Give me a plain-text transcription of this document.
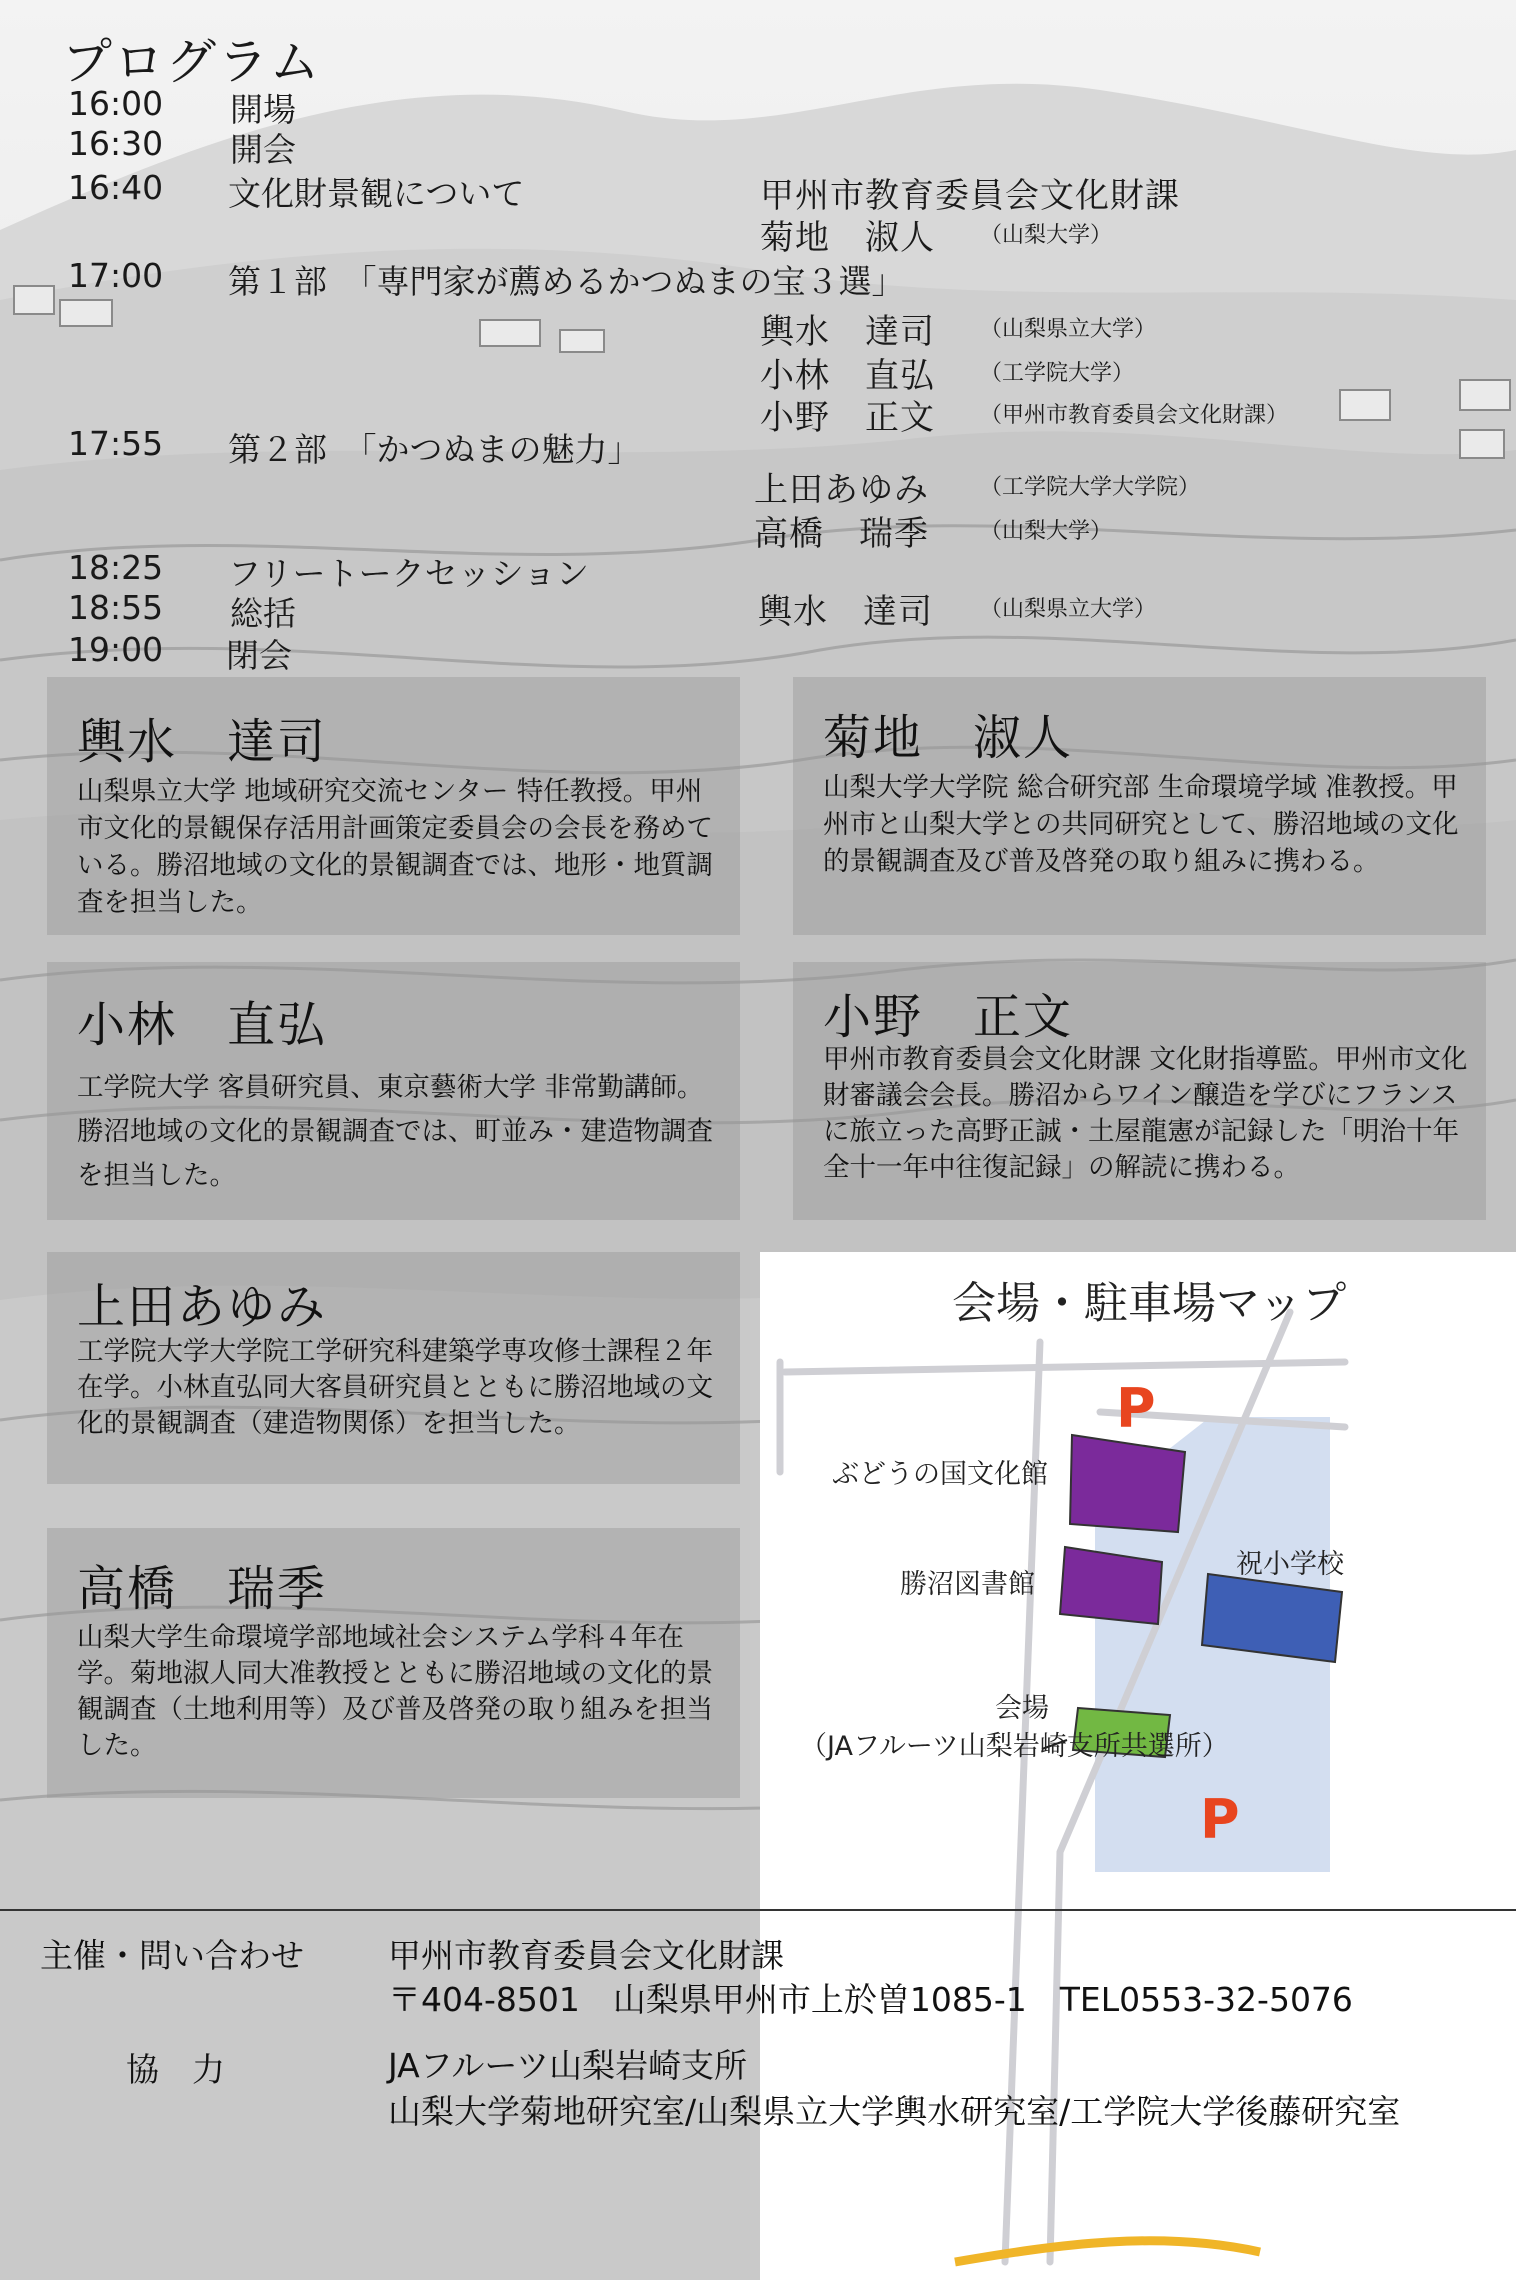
プログラム
16:00 開場
16:30 開会
16:40 文化財景観について
17:00 第１部　「専門家が薦めるかつぬまの宝３選」
17:55 第２部　「かつぬまの魅力」
18:25 フリートークセッション
18:55 総括
19:00 閉会
甲州市教育委員会文化財課
菊地　淑人 （山梨大学）
輿水　達司 （山梨県立大学）
小林　直弘 （工学院大学）
小野　正文 （甲州市教育委員会文化財課）
上田あゆみ （工学院大学大学院）
高橋　瑞季 （山梨大学）
輿水　達司 （山梨県立大学）
輿水　達司
山梨県立大学 地域研究交流センター 特任教授。甲州市文化的景観保存活用計画策定委員会の会長を務めている。勝沼地域の文化的景観調査では、地形・地質調査を担当した。
菊地　淑人
山梨大学大学院 総合研究部 生命環境学域 准教授。甲州市と山梨大学との共同研究として、勝沼地域の文化的景観調査及び普及啓発の取り組みに携わる。
小林　直弘
工学院大学 客員研究員、東京藝術大学 非常勤講師。勝沼地域の文化的景観調査では、町並み・建造物調査を担当した。
小野　正文
甲州市教育委員会文化財課 文化財指導監。甲州市文化財審議会会長。勝沼からワイン醸造を学びにフランスに旅立った高野正誠・土屋龍憲が記録した「明治十年全十一年中往復記録」の解読に携わる。
上田あゆみ
工学院大学大学院工学研究科建築学専攻修士課程２年在学。小林直弘同大客員研究員とともに勝沼地域の文化的景観調査（建造物関係）を担当した。
高橋　瑞季
山梨大学生命環境学部地域社会システム学科４年在学。菊地淑人同大准教授とともに勝沼地域の文化的景観調査（土地利用等）及び普及啓発の取り組みを担当した。
会場・駐車場マップ
P
P
ぶどうの国文化館
勝沼図書館
祝小学校
会場
（JAフルーツ山梨岩崎支所共選所）
主催・問い合わせ	甲州市教育委員会文化財課
〒404-8501　山梨県甲州市上於曽1085-1　TEL0553-32-5076
協　力	JAフルーツ山梨岩崎支所
山梨大学菊地研究室/山梨県立大学輿水研究室/工学院大学後藤研究室
